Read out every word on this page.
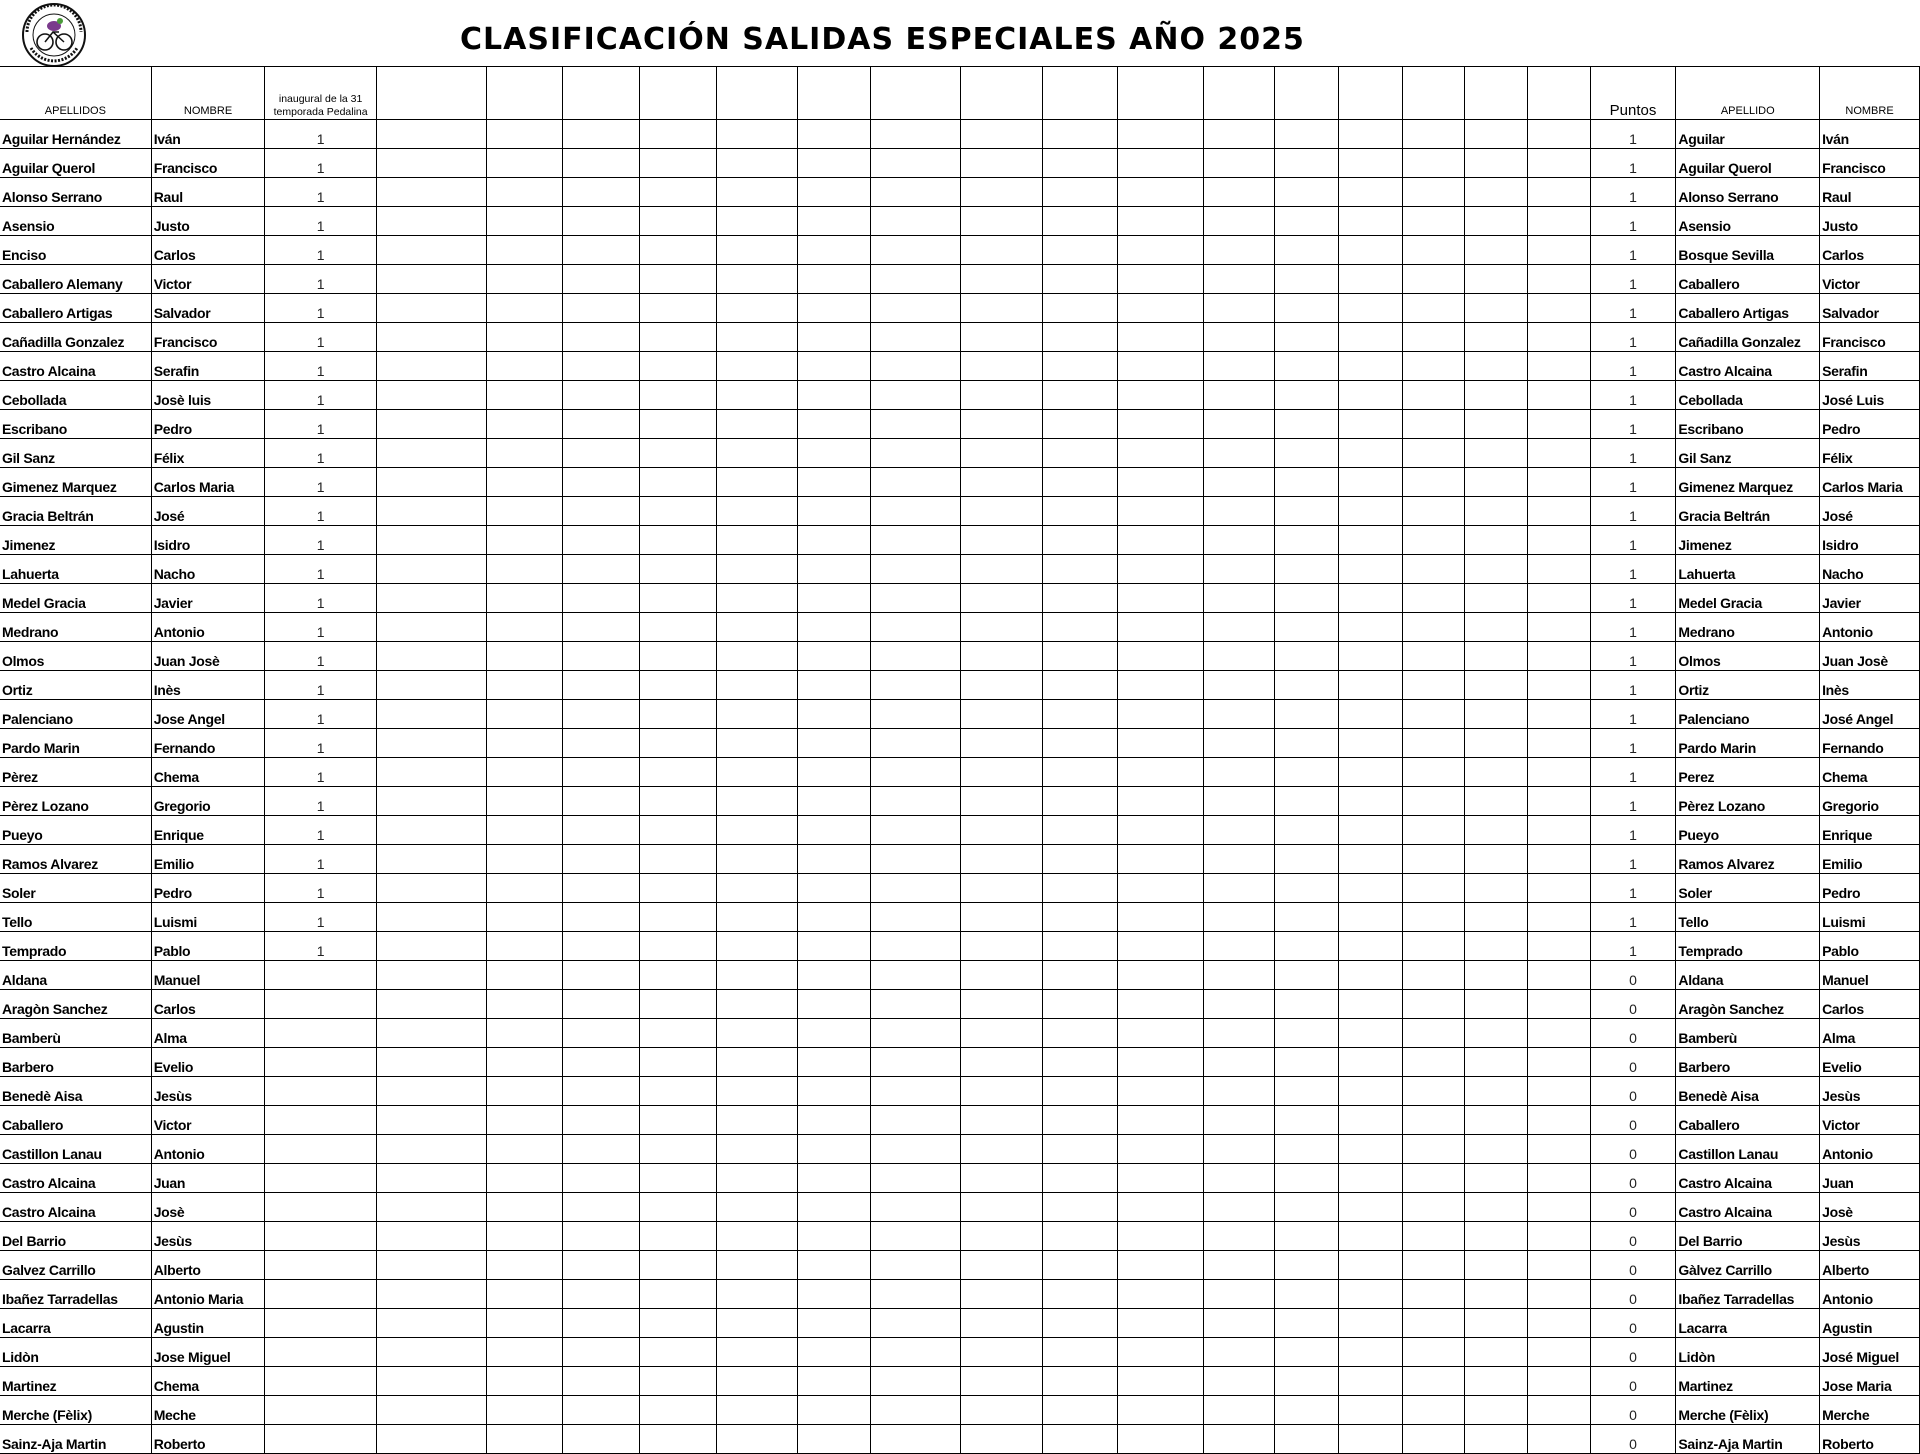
CLASIFICACIÓN SALIDAS ESPECIALES AÑO 2025
APELLIDOS	NOMBRE	inaugural de la 31 temporada Pedalina																	Puntos	APELLIDO	NOMBRE
Aguilar Hernández	Iván	1																	1	Aguilar	Iván
Aguilar Querol	Francisco	1																	1	Aguilar Querol	Francisco
Alonso Serrano	Raul	1																	1	Alonso Serrano	Raul
Asensio	Justo	1																	1	Asensio	Justo
Enciso	Carlos	1																	1	Bosque Sevilla	Carlos
Caballero Alemany	Victor	1																	1	Caballero	Victor
Caballero Artigas	Salvador	1																	1	Caballero Artigas	Salvador
Cañadilla Gonzalez	Francisco	1																	1	Cañadilla Gonzalez	Francisco
Castro Alcaina	Serafin	1																	1	Castro Alcaina	Serafin
Cebollada	Josè luis	1																	1	Cebollada	José Luis
Escribano	Pedro	1																	1	Escribano	Pedro
Gil Sanz	Félix	1																	1	Gil Sanz	Félix
Gimenez Marquez	Carlos Maria	1																	1	Gimenez Marquez	Carlos Maria
Gracia Beltrán	José	1																	1	Gracia Beltrán	José
Jimenez	Isidro	1																	1	Jimenez	Isidro
Lahuerta	Nacho	1																	1	Lahuerta	Nacho
Medel Gracia	Javier	1																	1	Medel Gracia	Javier
Medrano	Antonio	1																	1	Medrano	Antonio
Olmos	Juan Josè	1																	1	Olmos	Juan Josè
Ortiz	Inès	1																	1	Ortiz	Inès
Palenciano	Jose Angel	1																	1	Palenciano	José Angel
Pardo Marin	Fernando	1																	1	Pardo Marin	Fernando
Pèrez	Chema	1																	1	Perez	Chema
Pèrez Lozano	Gregorio	1																	1	Pèrez Lozano	Gregorio
Pueyo	Enrique	1																	1	Pueyo	Enrique
Ramos Alvarez	Emilio	1																	1	Ramos Alvarez	Emilio
Soler	Pedro	1																	1	Soler	Pedro
Tello	Luismi	1																	1	Tello	Luismi
Temprado	Pablo	1																	1	Temprado	Pablo
Aldana	Manuel																		0	Aldana	Manuel
Aragòn Sanchez	Carlos																		0	Aragòn Sanchez	Carlos
Bamberù	Alma																		0	Bamberù	Alma
Barbero	Evelio																		0	Barbero	Evelio
Benedè Aisa	Jesùs																		0	Benedè Aisa	Jesùs
Caballero	Victor																		0	Caballero	Victor
Castillon Lanau	Antonio																		0	Castillon Lanau	Antonio
Castro Alcaina	Juan																		0	Castro Alcaina	Juan
Castro Alcaina	Josè																		0	Castro Alcaina	Josè
Del Barrio	Jesùs																		0	Del Barrio	Jesùs
Galvez Carrillo	Alberto																		0	Gàlvez Carrillo	Alberto
Ibañez Tarradellas	Antonio Maria																		0	Ibañez Tarradellas	Antonio
Lacarra	Agustin																		0	Lacarra	Agustin
Lidòn	Jose Miguel																		0	Lidòn	José Miguel
Martinez	Chema																		0	Martinez	Jose Maria
Merche (Fèlix)	Meche																		0	Merche (Fèlix)	Merche
Sainz-Aja Martin	Roberto																		0	Sainz-Aja Martin	Roberto
